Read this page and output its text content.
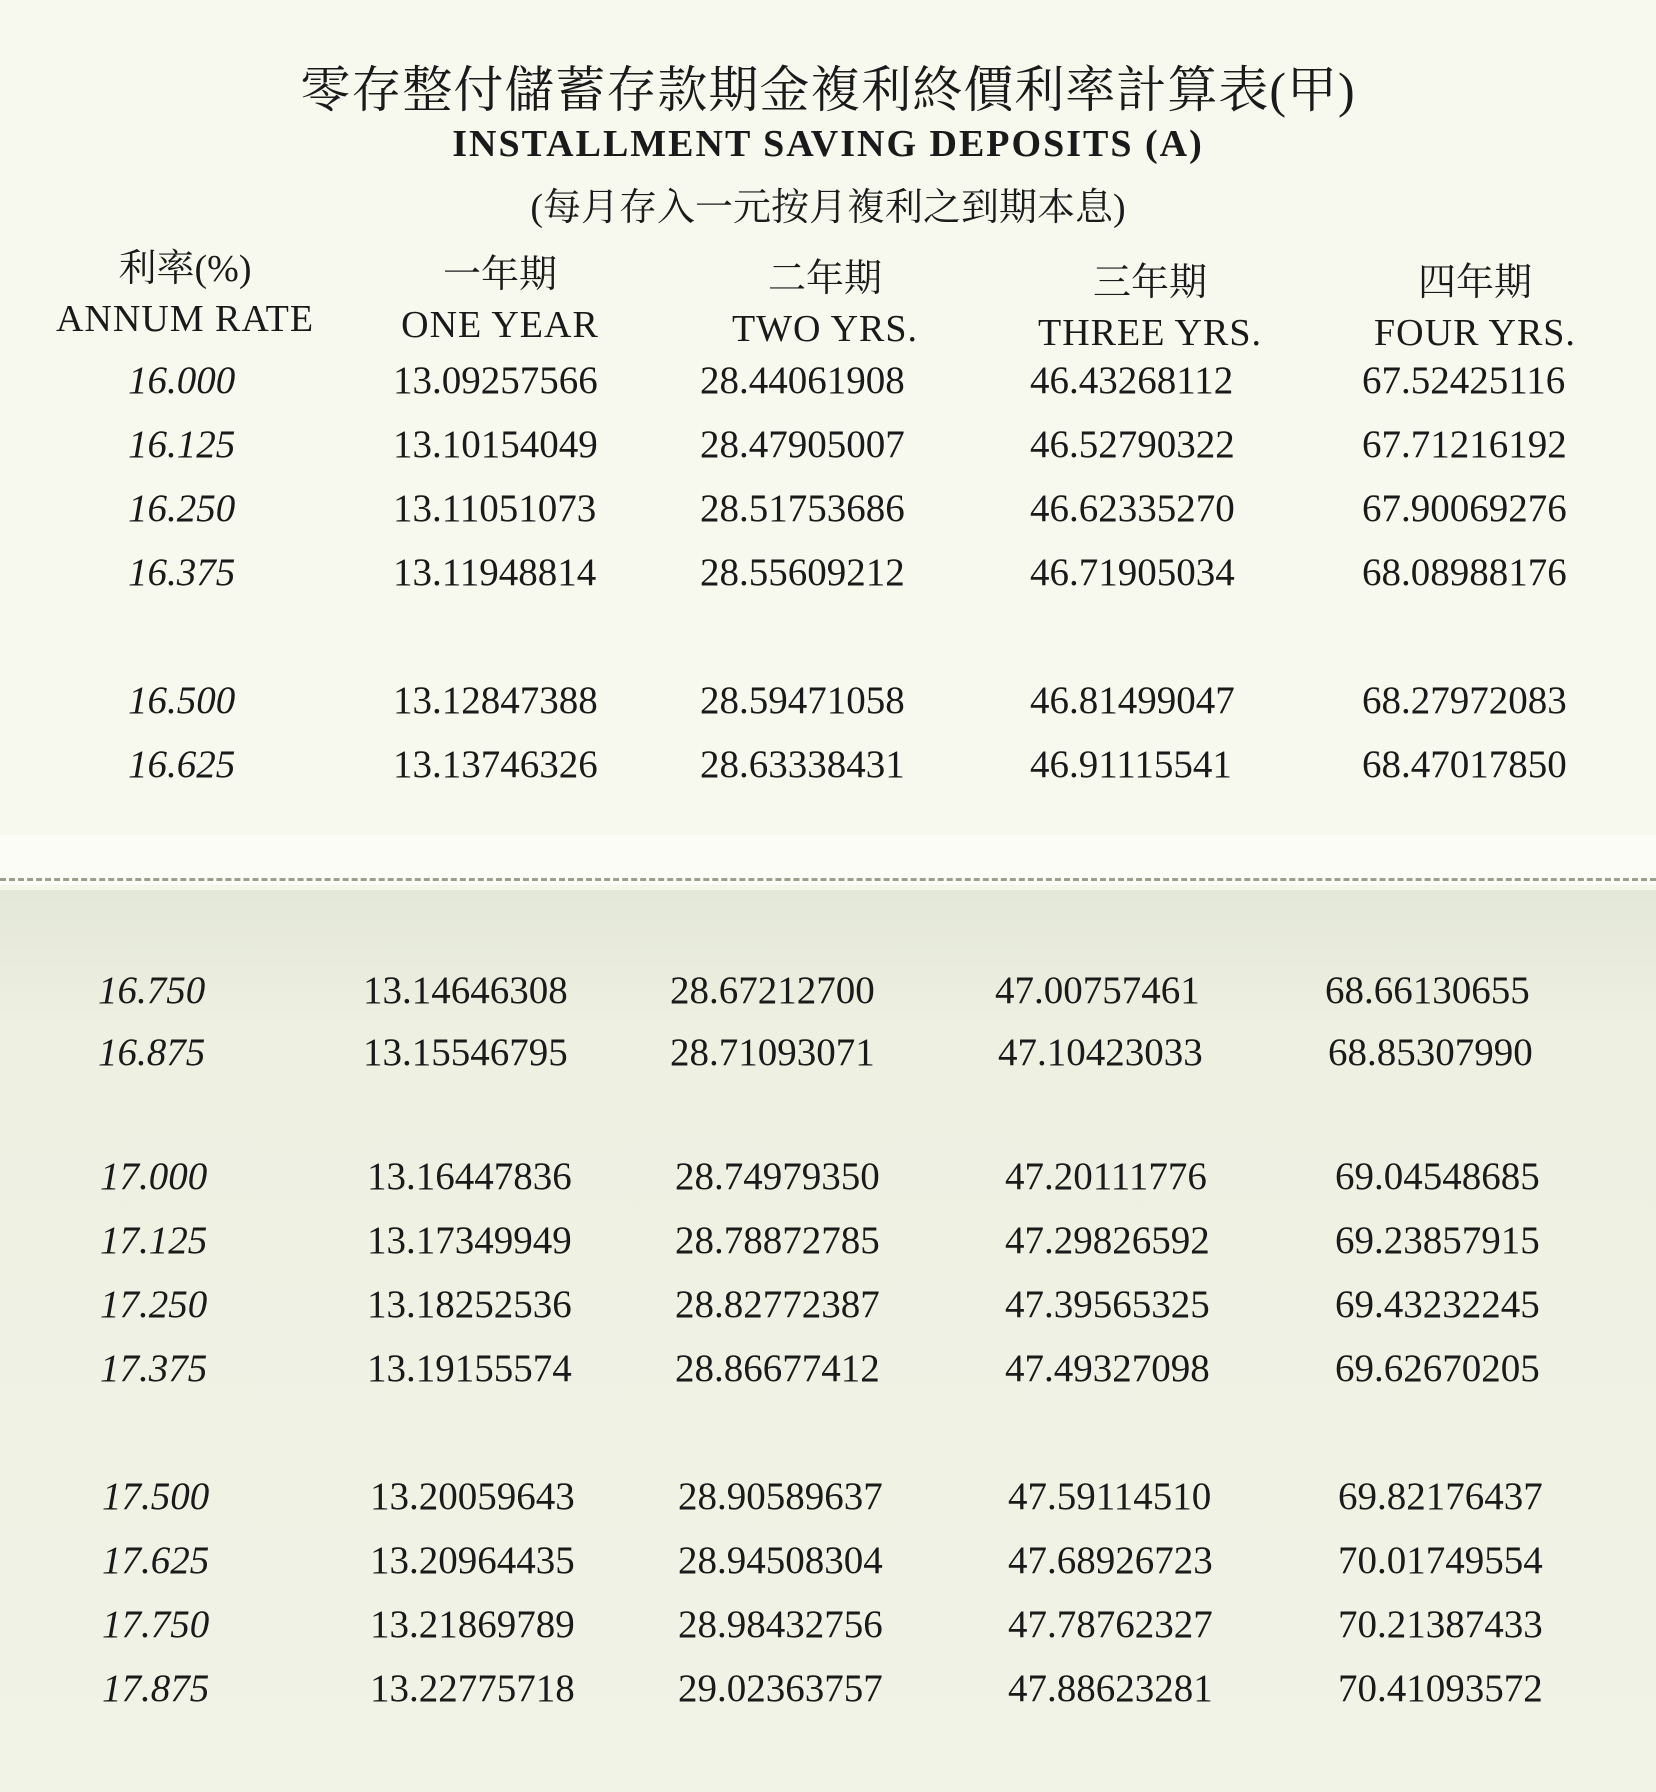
零存整付儲蓄存款期金複利終價利率計算表(甲)
INSTALLMENT SAVING DEPOSITS (A)
(每月存入一元按月複利之到期本息)
利率(%)
ANNUM RATE
一年期
ONE YEAR
二年期
TWO YRS.
三年期
THREE YRS.
四年期
FOUR YRS.
16.000	13.09257566	28.44061908	46.43268112	67.52425116
16.125	13.10154049	28.47905007	46.52790322	67.71216192
16.250	13.11051073	28.51753686	46.62335270	67.90069276
16.375	13.11948814	28.55609212	46.71905034	68.08988176
16.500	13.12847388	28.59471058	46.81499047	68.27972083
16.625	13.13746326	28.63338431	46.91115541	68.47017850
16.750	13.14646308	28.67212700	47.00757461	68.66130655
16.875	13.15546795	28.71093071	47.10423033	68.85307990
17.000	13.16447836	28.74979350	47.20111776	69.04548685
17.125	13.17349949	28.78872785	47.29826592	69.23857915
17.250	13.18252536	28.82772387	47.39565325	69.43232245
17.375	13.19155574	28.86677412	47.49327098	69.62670205
17.500	13.20059643	28.90589637	47.59114510	69.82176437
17.625	13.20964435	28.94508304	47.68926723	70.01749554
17.750	13.21869789	28.98432756	47.78762327	70.21387433
17.875	13.22775718	29.02363757	47.88623281	70.41093572
